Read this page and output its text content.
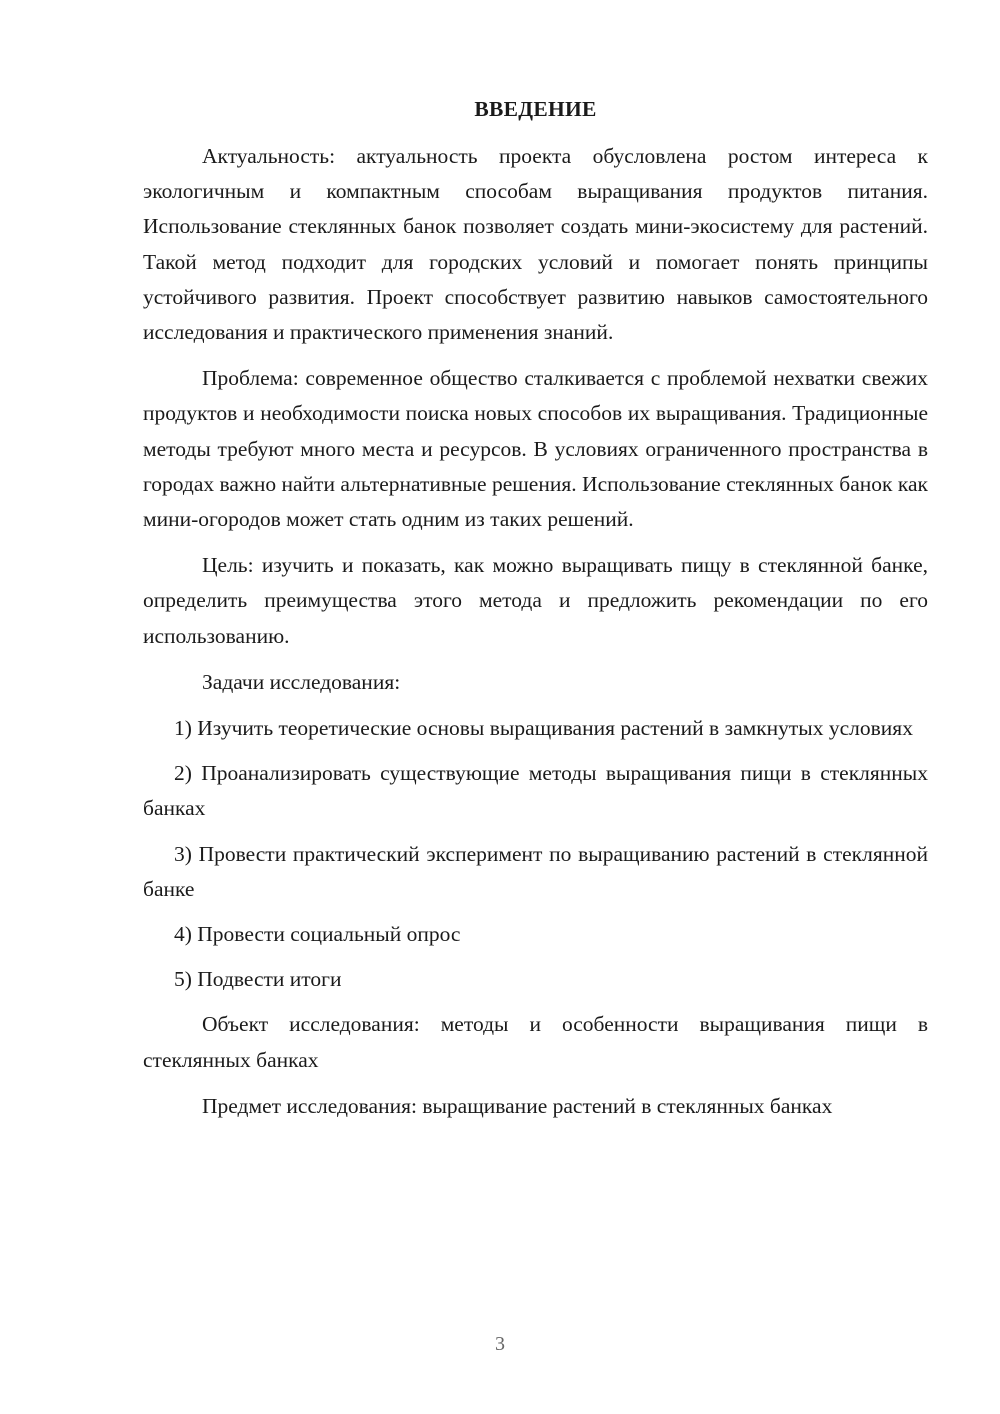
ВВЕДЕНИЕ

Актуальность: актуальность проекта обусловлена ростом интереса к экологичным и компактным способам выращивания продуктов питания. Использование стеклянных банок позволяет создать мини-экосистему для растений. Такой метод подходит для городских условий и помогает понять принципы устойчивого развития. Проект способствует развитию навыков самостоятельного исследования и практического применения знаний.

Проблема: современное общество сталкивается с проблемой нехватки свежих продуктов и необходимости поиска новых способов их выращивания. Традиционные методы требуют много места и ресурсов. В условиях ограниченного пространства в городах важно найти альтернативные решения. Использование стеклянных банок как мини-огородов может стать одним из таких решений.

Цель: изучить и показать, как можно выращивать пищу в стеклянной банке, определить преимущества этого метода и предложить рекомендации по его использованию.

Задачи исследования:

1) Изучить теоретические основы выращивания растений в замкнутых условиях

2) Проанализировать существующие методы выращивания пищи в стеклянных банках

3) Провести практический эксперимент по выращиванию растений в стеклянной банке

4) Провести социальный опрос

5) Подвести итоги

Объект исследования: методы и особенности выращивания пищи в стеклянных банках

Предмет исследования: выращивание растений в стеклянных банках

3
